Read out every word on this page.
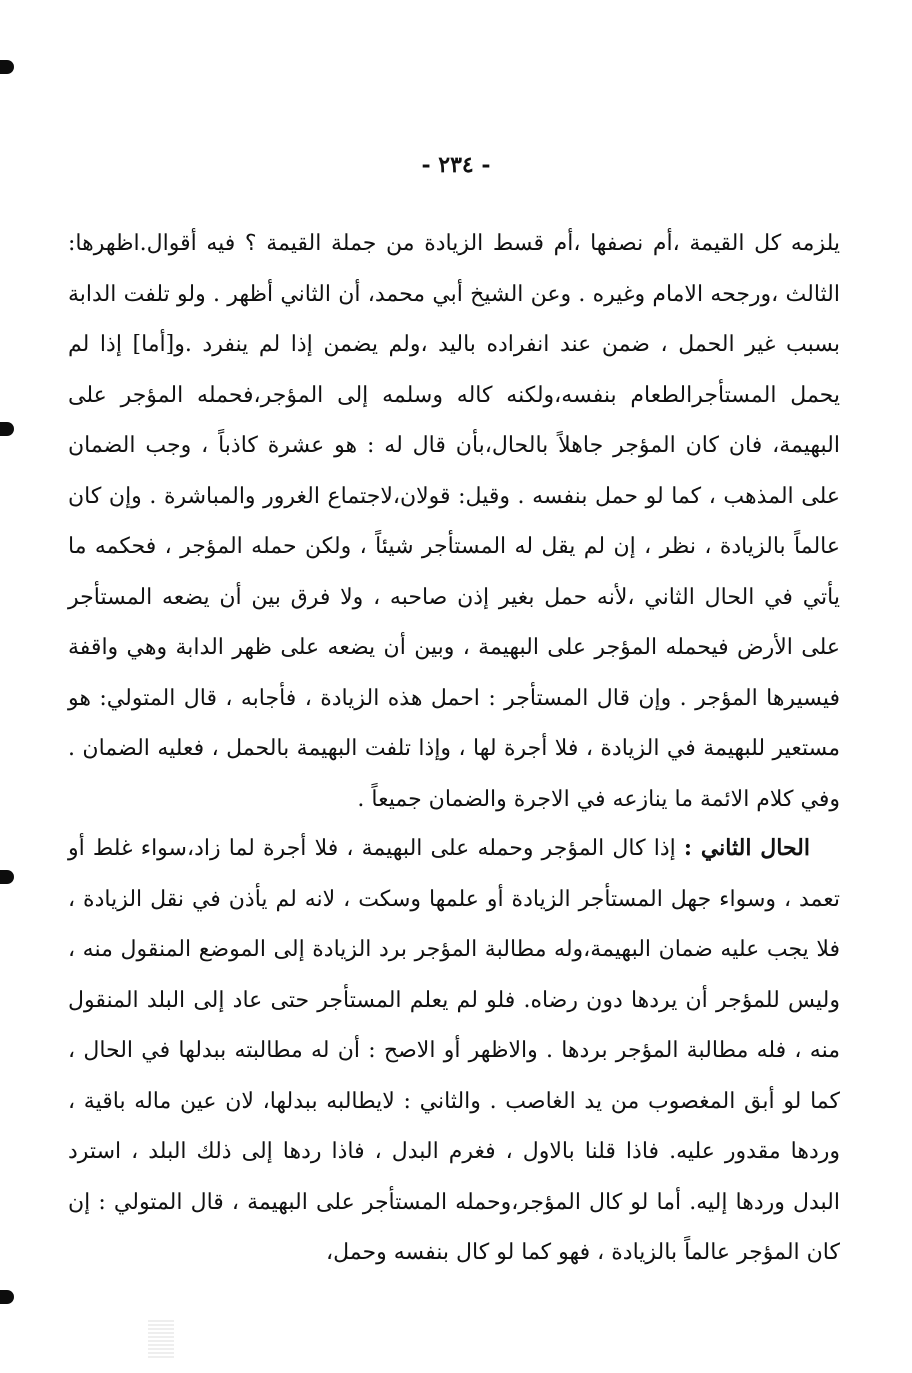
- ٢٣٤ -

يلزمه كل القيمة ،أم نصفها ،أم قسط الزيادة من جملة القيمة ؟ فيه أقوال.اظهرها: الثالث ،ورجحه الامام وغيره . وعن الشيخ أبي محمد، أن الثاني أظهر . ولو تلفت الدابة بسبب غير الحمل ، ضمن عند انفراده باليد ،ولم يضمن إذا لم ينفرد .و[أما] إذا لم يحمل المستأجرالطعام بنفسه،ولكنه كاله وسلمه إلى المؤجر،فحمله المؤجر على البهيمة، فان كان المؤجر جاهلاً بالحال،بأن قال له : هو عشرة كاذباً ، وجب الضمان على المذهب ، كما لو حمل بنفسه . وقيل: قولان،لاجتماع الغرور والمباشرة . وإن كان عالماً بالزيادة ، نظر ، إن لم يقل له المستأجر شيئاً ، ولكن حمله المؤجر ، فحكمه ما يأتي في الحال الثاني ،لأنه حمل بغير إذن صاحبه ، ولا فرق بين أن يضعه المستأجر على الأرض فيحمله المؤجر على البهيمة ، وبين أن يضعه على ظهر الدابة وهي واقفة فيسيرها المؤجر . وإن قال المستأجر : احمل هذه الزيادة ، فأجابه ، قال المتولي: هو مستعير للبهيمة في الزيادة ، فلا أجرة لها ، وإذا تلفت البهيمة بالحمل ، فعليه الضمان . وفي كلام الائمة ما ينازعه في الاجرة والضمان جميعاً .

الحال الثاني : إذا كال المؤجر وحمله على البهيمة ، فلا أجرة لما زاد،سواء غلط أو تعمد ، وسواء جهل المستأجر الزيادة أو علمها وسكت ، لانه لم يأذن في نقل الزيادة ، فلا يجب عليه ضمان البهيمة،وله مطالبة المؤجر برد الزيادة إلى الموضع المنقول منه ، وليس للمؤجر أن يردها دون رضاه. فلو لم يعلم المستأجر حتى عاد إلى البلد المنقول منه ، فله مطالبة المؤجر بردها . والاظهر أو الاصح : أن له مطالبته ببدلها في الحال ، كما لو أبق المغصوب من يد الغاصب . والثاني : لايطالبه ببدلها، لان عين ماله باقية ، وردها مقدور عليه. فاذا قلنا بالاول ، فغرم البدل ، فاذا ردها إلى ذلك البلد ، استرد البدل وردها إليه. أما لو كال المؤجر،وحمله المستأجر على البهيمة ، قال المتولي : إن كان المؤجر عالماً بالزيادة ، فهو كما لو كال بنفسه وحمل،
